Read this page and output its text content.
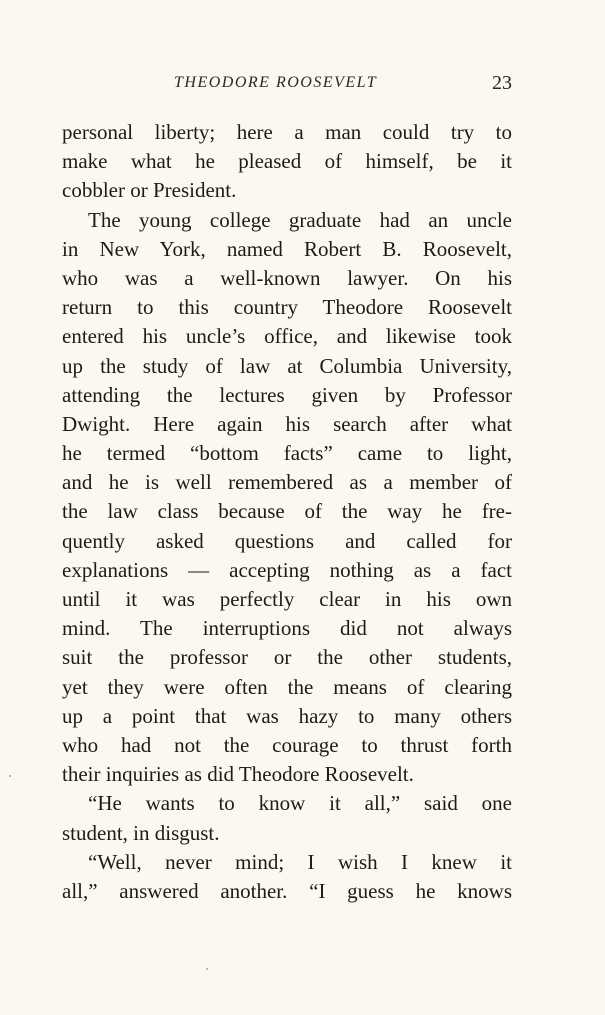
THEODORE ROOSEVELT	23
personal liberty; here a man could try to
make what he pleased of himself, be it
cobbler or President.
The young college graduate had an uncle
in New York, named Robert B. Roosevelt,
who was a well-known lawyer. On his
return to this country Theodore Roosevelt
entered his uncle’s office, and likewise took
up the study of law at Columbia University,
attending the lectures given by Professor
Dwight. Here again his search after what
he termed “bottom facts” came to light,
and he is well remembered as a member of
the law class because of the way he fre-
quently asked questions and called for
explanations — accepting nothing as a fact
until it was perfectly clear in his own
mind. The interruptions did not always
suit the professor or the other students,
yet they were often the means of clearing
up a point that was hazy to many others
who had not the courage to thrust forth
their inquiries as did Theodore Roosevelt.
“He wants to know it all,” said one
student, in disgust.
“Well, never mind; I wish I knew it
all,” answered another. “I guess he knows
